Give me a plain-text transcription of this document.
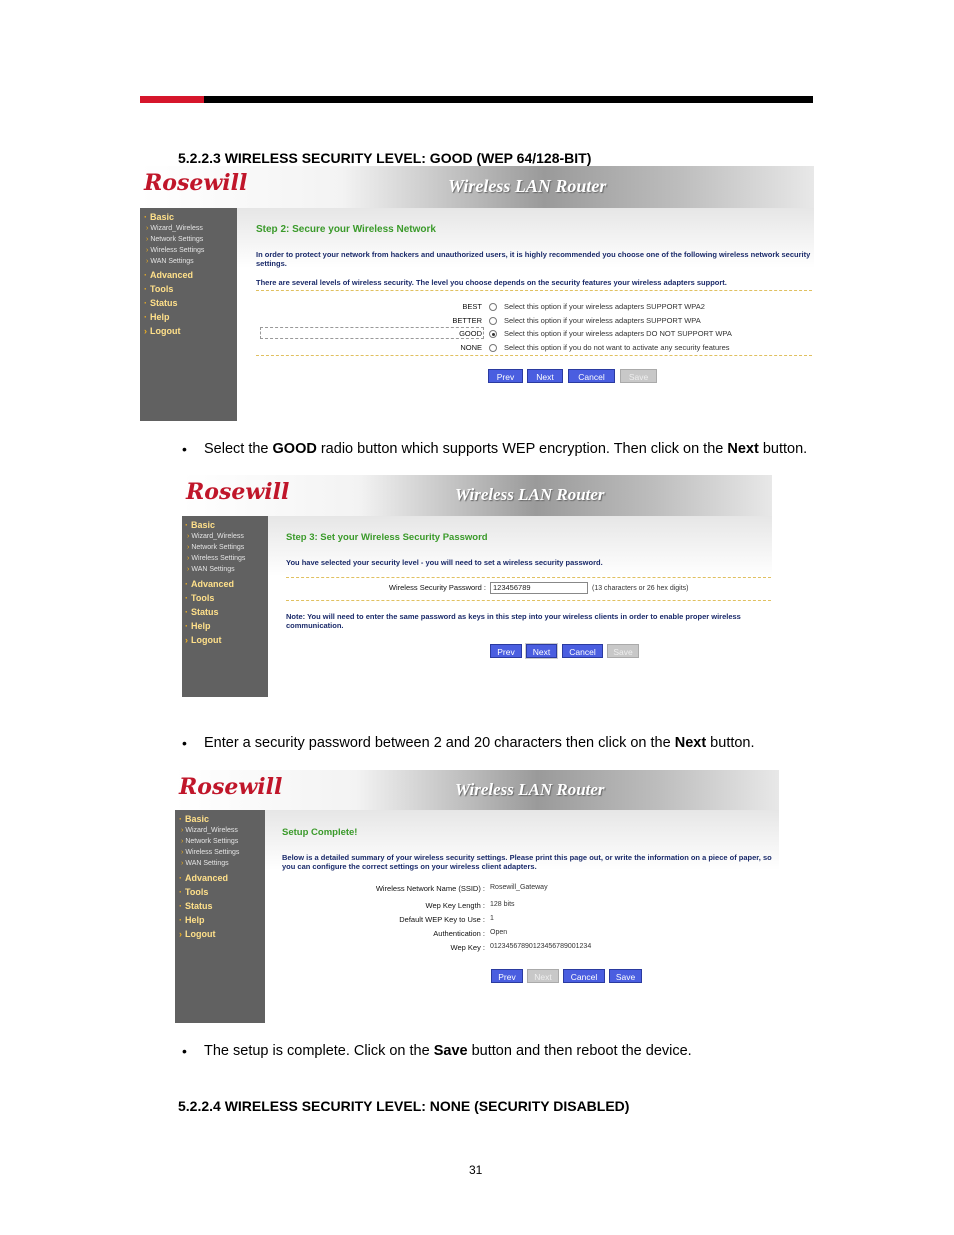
5.2.2.3 WIRELESS SECURITY LEVEL: GOOD (WEP 64/128-BIT)
Rosewill	Wireless LAN Router
· Basic
› Wizard_Wireless
› Network Settings
› Wireless Settings
› WAN Settings
· Advanced
· Tools
· Status
· Help
› Logout
Step 2: Secure your Wireless Network
In order to protect your network from hackers and unauthorized users, it is highly recommended you choose one of the following wireless network security settings.
There are several levels of wireless security. The level you choose depends on the security features your wireless adapters support.
BEST	Select this option if your wireless adapters SUPPORT WPA2
BETTER	Select this option if your wireless adapters SUPPORT WPA
GOOD	Select this option if your wireless adapters DO NOT SUPPORT WPA
NONE	Select this option if you do not want to activate any security features
Prev	Next	Cancel	Save
• Select the GOOD radio button which supports WEP encryption. Then click on the Next button.
Rosewill	Wireless LAN Router
· Basic
› Wizard_Wireless
› Network Settings
› Wireless Settings
› WAN Settings
· Advanced
· Tools
· Status
· Help
› Logout
Step 3: Set your Wireless Security Password
You have selected your security level - you will need to set a wireless security password.
Wireless Security Password : 123456789	(13 characters or 26 hex digits)
Note: You will need to enter the same password as keys in this step into your wireless clients in order to enable proper wireless communication.
Prev	Next	Cancel	Save
• Enter a security password between 2 and 20 characters then click on the Next button.
Rosewill	Wireless LAN Router
· Basic
› Wizard_Wireless
› Network Settings
› Wireless Settings
› WAN Settings
· Advanced
· Tools
· Status
· Help
› Logout
Setup Complete!
Below is a detailed summary of your wireless security settings. Please print this page out, or write the information on a piece of paper, so you can configure the correct settings on your wireless client adapters.
Wireless Network Name (SSID) : Rosewill_Gateway
Wep Key Length : 128 bits
Default WEP Key to Use : 1
Authentication : Open
Wep Key : 01234567890123456789001234
Prev	Next	Cancel	Save
• The setup is complete. Click on the Save button and then reboot the device.
5.2.2.4 WIRELESS SECURITY LEVEL: NONE (SECURITY DISABLED)
31
